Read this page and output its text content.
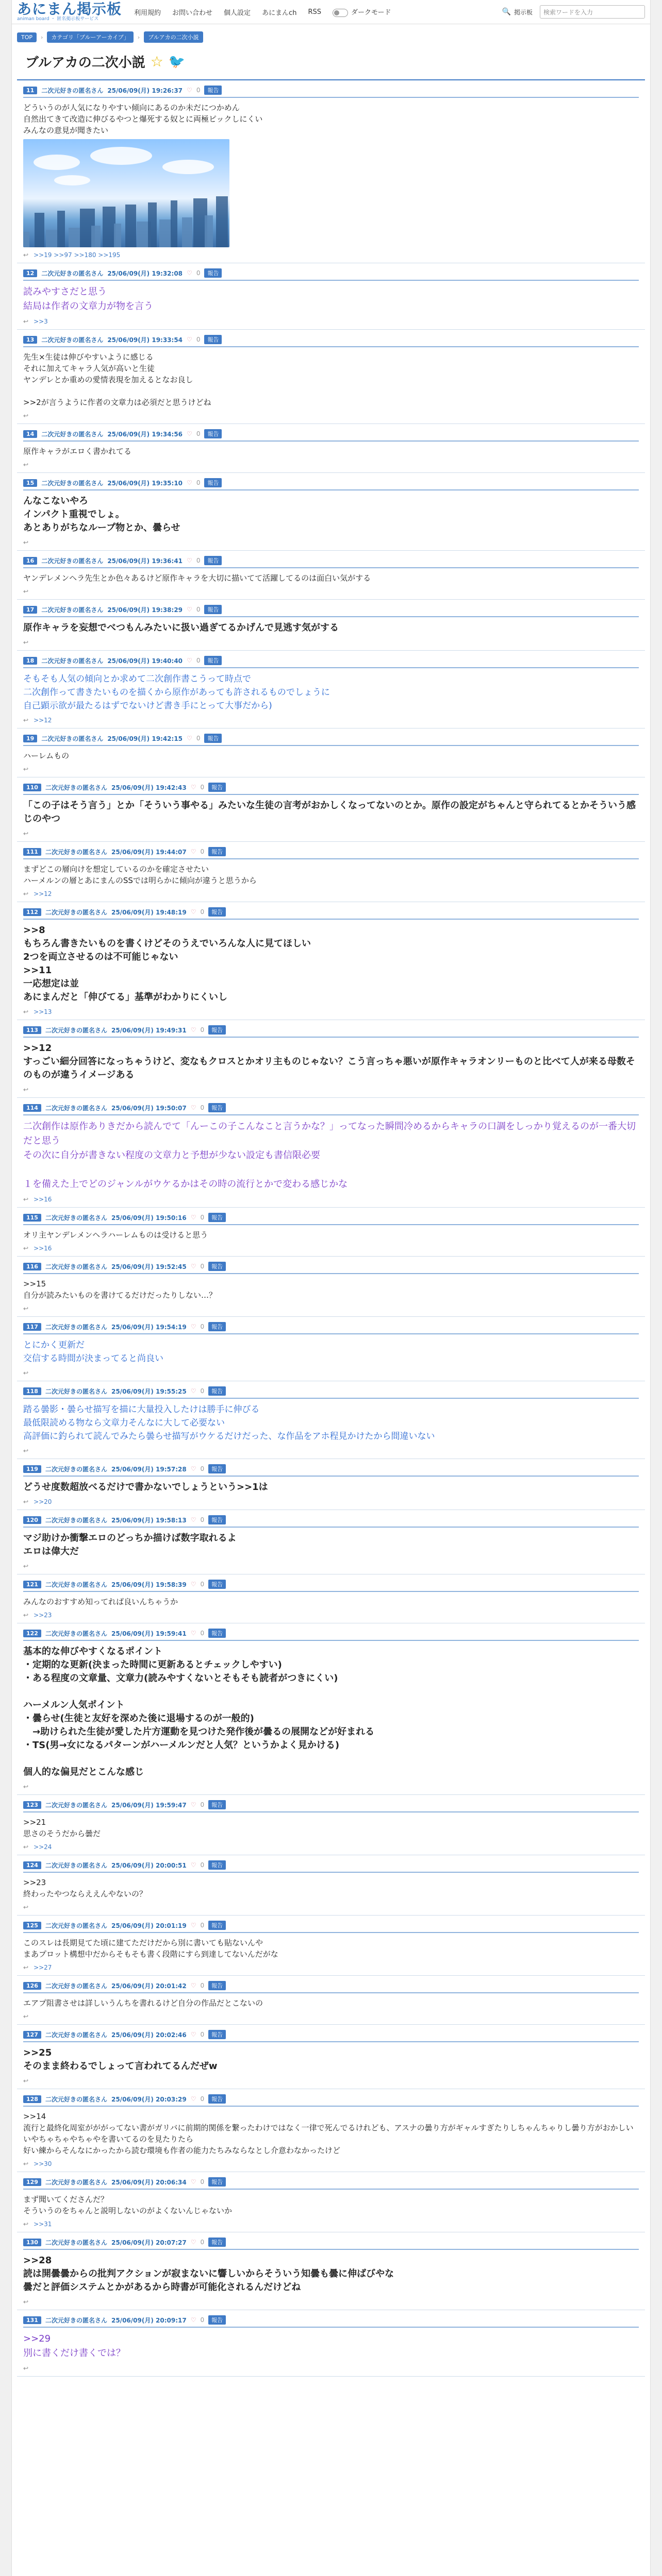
あにまん掲示板
animan board ・ 匿名掲示板サービス
利用規約 お問い合わせ 個人設定 あにまんch RSS	ダークモード	🔍 掲示板	検索ワードを入力
TOP	›	カテゴリ「ブルーアーカイブ」	›	ブルアカの二次小説
ブルアカの二次小説 ☆ 🐦
11	二次元好きの匿名さん 25/06/09(月) 19:26:37 ♡ 0	報告
どういうのが人気になりやすい傾向にあるのか未だにつかめん
自然出てきて改造に伸びるやつと爆死する奴とに両極ピックしにくい
みんなの意見が聞きたい
↩ >>19 >>97 >>180 >>195
12	二次元好きの匿名さん 25/06/09(月) 19:32:08 ♡ 0	報告
読みやすさだと思う
結局は作者の文章力が物を言う
↩ >>3
13	二次元好きの匿名さん 25/06/09(月) 19:33:54 ♡ 0	報告
先生×生徒は伸びやすいように感じる
それに加えてキャラ人気が高いと生徒
ヤンデレとか重めの愛情表現を加えるとなお良し

>>2が言うように作者の文章力は必須だと思うけどね
↩
14	二次元好きの匿名さん 25/06/09(月) 19:34:56 ♡ 0	報告
原作キャラがエロく書かれてる
↩
15	二次元好きの匿名さん 25/06/09(月) 19:35:10 ♡ 0	報告
んなこないやろ
インパクト重視でしょ。
あとありがちなループ物とか、曇らせ
↩
16	二次元好きの匿名さん 25/06/09(月) 19:36:41 ♡ 0	報告
ヤンデレメンヘラ先生とか色々あるけど原作キャラを大切に描いてて活躍してるのは面白い気がする
↩
17	二次元好きの匿名さん 25/06/09(月) 19:38:29 ♡ 0	報告
原作キャラを妄想でべつもんみたいに扱い過ぎてるかげんで見逃す気がする
↩
18	二次元好きの匿名さん 25/06/09(月) 19:40:40 ♡ 0	報告
そもそも人気の傾向とか求めて二次創作書こうって時点で
二次創作って書きたいものを描くから原作があっても許されるものでしょうに
自己顕示欲が最たるはずでないけど書き手にとって大事だから)
↩ >>12
19	二次元好きの匿名さん 25/06/09(月) 19:42:15 ♡ 0	報告
ハーレムもの
↩
110	二次元好きの匿名さん 25/06/09(月) 19:42:43 ♡ 0	報告
「この子はそう言う」とか「そういう事やる」みたいな生徒の言考がおかしくなってないのとか。原作の設定がちゃんと守られてるとかそういう感じのやつ
↩
111	二次元好きの匿名さん 25/06/09(月) 19:44:07 ♡ 0	報告
まずどこの層向けを想定しているのかを確定させたい
ハーメルンの層とあにまんのSSでは明らかに傾向が違うと思うから
↩ >>12
112	二次元好きの匿名さん 25/06/09(月) 19:48:19 ♡ 0	報告
>>8
もちろん書きたいものを書くけどそのうえでいろんな人に見てほしい
2つを両立させるのは不可能じゃない
>>11
一応想定は並
あにまんだと「伸びてる」基準がわかりにくいし
↩ >>13
113	二次元好きの匿名さん 25/06/09(月) 19:49:31 ♡ 0	報告
>>12
すっごい細分回答になっちゃうけど、変なもクロスとかオリ主ものじゃない？こう言っちゃ悪いが原作キャラオンリーものと比べて人が来る母数そのものが違うイメージある
↩
114	二次元好きの匿名さん 25/06/09(月) 19:50:07 ♡ 0	報告
二次創作は原作ありきだから読んでて「んーこの子こんなこと言うかな？」ってなった瞬間冷めるからキャラの口調をしっかり覚えるのが一番大切だと思う
その次に自分が書きない程度の文章力と予想が少ない設定も書信限必要

１を備えた上でどのジャンルがウケるかはその時の流行とかで変わる感じかな
↩ >>16
115	二次元好きの匿名さん 25/06/09(月) 19:50:16 ♡ 0	報告
オリ主ヤンデレメンヘラハーレムものは受けると思う
↩ >>16
116	二次元好きの匿名さん 25/06/09(月) 19:52:45 ♡ 0	報告
>>15
自分が読みたいものを書けてるだけだったりしない…？
↩
117	二次元好きの匿名さん 25/06/09(月) 19:54:19 ♡ 0	報告
とにかく更新だ
交信する時間が決まってると尚良い
↩
118	二次元好きの匿名さん 25/06/09(月) 19:55:25 ♡ 0	報告
踏る曇影・曇らせ描写を描に大量投入したけは勝手に伸びる
最低限読める物なら文章力そんなに大して必要ない
高評価に釣られて読んでみたら曇らせ描写がウケるだけだった、な作品をアホ程見かけたから間違いない
↩
119	二次元好きの匿名さん 25/06/09(月) 19:57:28 ♡ 0	報告
どうせ度数超放べるだけで書かないでしょうという>>1は
↩ >>20
120	二次元好きの匿名さん 25/06/09(月) 19:58:13 ♡ 0	報告
マジ助けか衝撃エロのどっちか描けば数字取れるよ
エロは偉大だ
↩
121	二次元好きの匿名さん 25/06/09(月) 19:58:39 ♡ 0	報告
みんなのおすすめ知ってれば良いんちゃうか
↩ >>23
122	二次元好きの匿名さん 25/06/09(月) 19:59:41 ♡ 0	報告
基本的な伸びやすくなるポイント
・定期的な更新(決まった時間に更新あるとチェックしやすい)
・ある程度の文章量、文章力(読みやすくないとそもそも読者がつきにくい)

ハーメルン人気ポイント
・曇らせ(生徒と友好を深めた後に退場するのが一般的)
　→助けられた生徒が愛した片方運動を見つけた発作後が曇るの展開などが好まれる
・TS(男→女になるパターンがハーメルンだと人気？というかよく見かける)

個人的な偏見だとこんな感じ
↩
123	二次元好きの匿名さん 25/06/09(月) 19:59:47 ♡ 0	報告
>>21
思さのそうだから曇だ
↩ >>24
124	二次元好きの匿名さん 25/06/09(月) 20:00:51 ♡ 0	報告
>>23
終わったやつならええんやないの？
↩
125	二次元好きの匿名さん 25/06/09(月) 20:01:19 ♡ 0	報告
このスレは長期見てた頃に建てただけだから別に書いても貼ないんや
まあプロット構想中だからそもそも書く段階にすら到達してないんだがな
↩ >>27
126	二次元好きの匿名さん 25/06/09(月) 20:01:42 ♡ 0	報告
エアプ阻書させは詳しいうんちを書れるけど自分の作品だとこないの
↩
127	二次元好きの匿名さん 25/06/09(月) 20:02:46 ♡ 0	報告
>>25
そのまま終わるでしょって言われてるんだぜw
↩
128	二次元好きの匿名さん 25/06/09(月) 20:03:29 ♡ 0	報告
>>14
流行と最終化周室がががってない書がガリバに前期的関係を繋ったわけではなく一律で死んでるけれども、アスナの曇り方がギャルすぎたりしちゃんちゃりし曇り方がおかしいいやちゃちゃやちゃやを書いてるのを見たりたら
好い練からそんなにかったから読む環境も作者の能力たちみならなとし介意わなかったけど
↩ >>30
129	二次元好きの匿名さん 25/06/09(月) 20:06:34 ♡ 0	報告
まず聞いてくださんだ？
そういうのをちゃんと説明しないのがよくないんじゃないか
↩ >>31
130	二次元好きの匿名さん 25/06/09(月) 20:07:27 ♡ 0	報告
>>28
読は開曇曇からの批判アクションが寂まないに響しいからそういう知曇も曇に伸ばびやな
曇だと評価システムとかがあるから時書が可能化されるんだけどね
↩
131	二次元好きの匿名さん 25/06/09(月) 20:09:17 ♡ 0	報告
>>29
別に書くだけ書くでは？
↩
